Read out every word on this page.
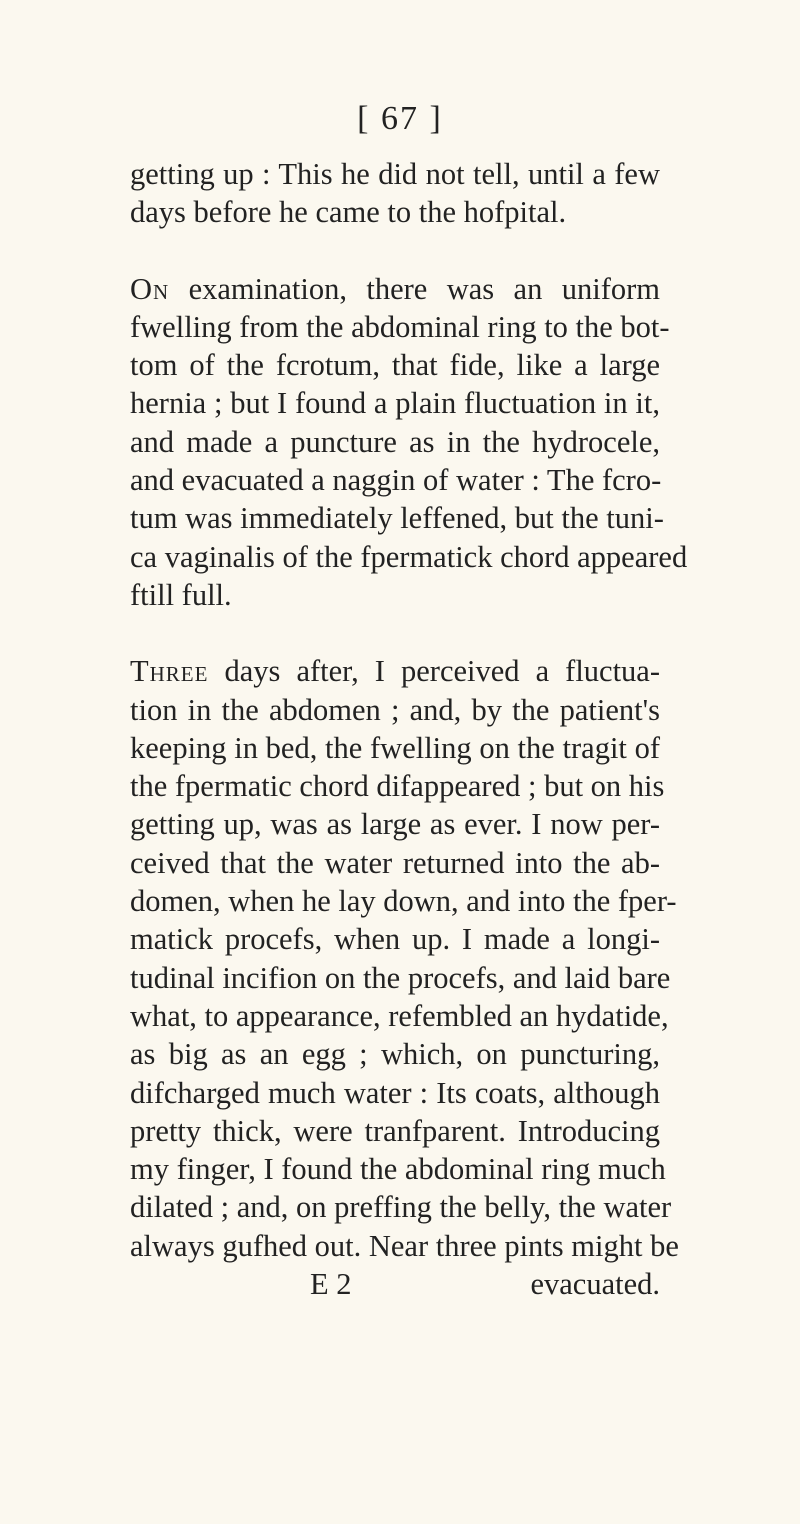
[ 67 ]
getting up : This he did not tell, until a few
days before he came to the hofpital.
On examination, there was an uniform
fwelling from the abdominal ring to the bot-
tom of the fcrotum, that fide, like a large
hernia ; but I found a plain fluctuation in it,
and made a puncture as in the hydrocele,
and evacuated a naggin of water : The fcro-
tum was immediately leffened, but the tuni-
ca vaginalis of the fpermatick chord appeared
ftill full.
Three days after, I perceived a fluctua-
tion in the abdomen ; and, by the patient's
keeping in bed, the fwelling on the tragit of
the fpermatic chord difappeared ; but on his
getting up, was as large as ever. I now per-
ceived that the water returned into the ab-
domen, when he lay down, and into the fper-
matick procefs, when up. I made a longi-
tudinal incifion on the procefs, and laid bare
what, to appearance, refembled an hydatide,
as big as an egg ; which, on puncturing,
difcharged much water : Its coats, although
pretty thick, were tranfparent. Introducing
my finger, I found the abdominal ring much
dilated ; and, on preffing the belly, the water
always gufhed out. Near three pints might be
E 2	evacuated.
